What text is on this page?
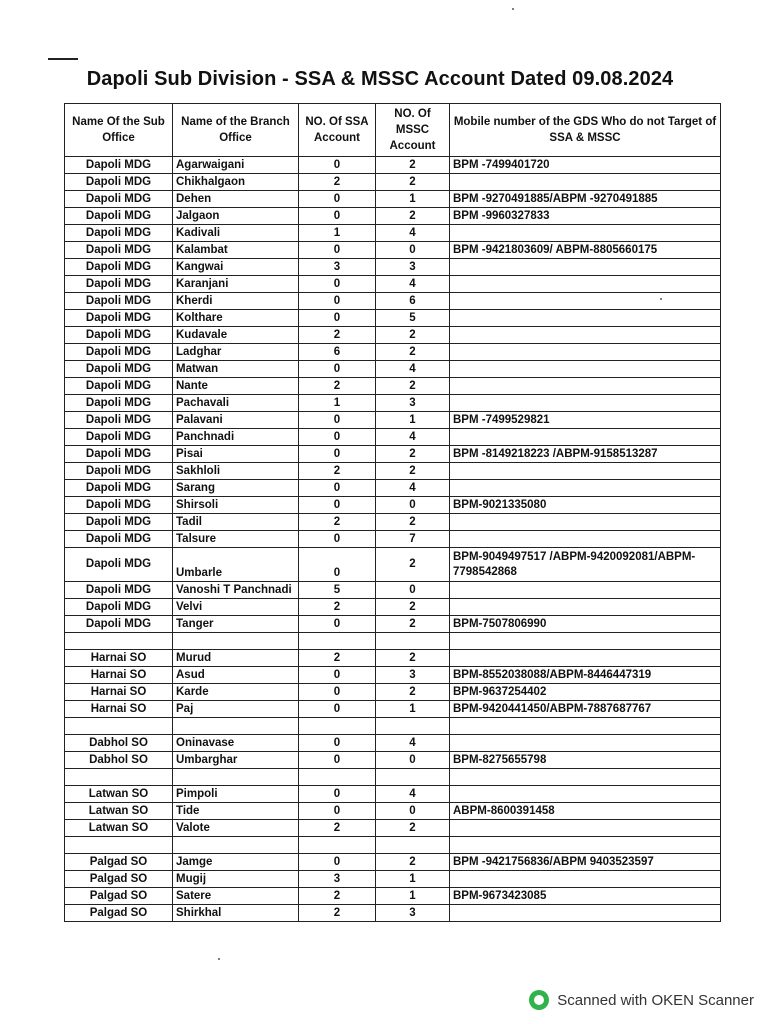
Dapoli Sub Division - SSA & MSSC Account Dated 09.08.2024
Name Of the Sub Office	Name of the Branch Office	NO. Of SSA Account	NO. Of MSSC Account	Mobile number of the GDS Who do not Target of SSA & MSSC
Dapoli MDG	Agarwaigani	0	2	BPM -7499401720
Dapoli MDG	Chikhalgaon	2	2	
Dapoli MDG	Dehen	0	1	BPM -9270491885/ABPM -9270491885
Dapoli MDG	Jalgaon	0	2	BPM -9960327833
Dapoli MDG	Kadivali	1	4	
Dapoli MDG	Kalambat	0	0	BPM -9421803609/ ABPM-8805660175
Dapoli MDG	Kangwai	3	3	
Dapoli MDG	Karanjani	0	4	
Dapoli MDG	Kherdi	0	6	
Dapoli MDG	Kolthare	0	5	
Dapoli MDG	Kudavale	2	2	
Dapoli MDG	Ladghar	6	2	
Dapoli MDG	Matwan	0	4	
Dapoli MDG	Nante	2	2	
Dapoli MDG	Pachavali	1	3	
Dapoli MDG	Palavani	0	1	BPM -7499529821
Dapoli MDG	Panchnadi	0	4	
Dapoli MDG	Pisai	0	2	BPM -8149218223 /ABPM-9158513287
Dapoli MDG	Sakhloli	2	2	
Dapoli MDG	Sarang	0	4	
Dapoli MDG	Shirsoli	0	0	BPM-9021335080
Dapoli MDG	Tadil	2	2	
Dapoli MDG	Talsure	0	7	
Dapoli MDG	Umbarle	0	2	BPM-9049497517 /ABPM-9420092081/ABPM-7798542868
Dapoli MDG	Vanoshi T Panchnadi	5	0	
Dapoli MDG	Velvi	2	2	
Dapoli MDG	Tanger	0	2	BPM-7507806990

Harnai SO	Murud	2	2	
Harnai SO	Asud	0	3	BPM-8552038088/ABPM-8446447319
Harnai SO	Karde	0	2	BPM-9637254402
Harnai SO	Paj	0	1	BPM-9420441450/ABPM-7887687767

Dabhol SO	Oninavase	0	4	
Dabhol SO	Umbarghar	0	0	BPM-8275655798

Latwan SO	Pimpoli	0	4	
Latwan SO	Tide	0	0	ABPM-8600391458
Latwan SO	Valote	2	2	

Palgad SO	Jamge	0	2	BPM -9421756836/ABPM 9403523597
Palgad SO	Mugij	3	1	
Palgad SO	Satere	2	1	BPM-9673423085
Palgad SO	Shirkhal	2	3	
Scanned with OKEN Scanner
